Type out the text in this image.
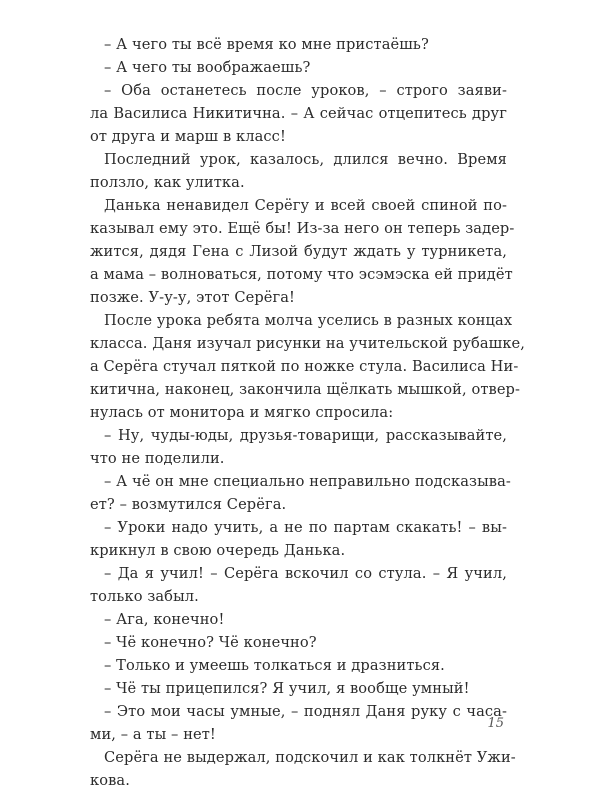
– А чего ты всё время ко мне пристаёшь?
– А чего ты воображаешь?
– Оба останетесь после уроков, – строго заяви-
ла Василиса Никитична. – А сейчас отцепитесь друг
от друга и марш в класс!
Последний урок, казалось, длился вечно. Время
ползло, как улитка.
Данька ненавидел Серёгу и всей своей спиной по-
казывал ему это. Ещё бы! Из-за него он теперь задер-
жится, дядя Гена с Лизой будут ждать у турникета,
а мама – волноваться, потому что эсэмэска ей придёт
позже. У-у-у, этот Серёга!
После урока ребята молча уселись в разных концах
класса. Даня изучал рисунки на учительской рубашке,
а Серёга стучал пяткой по ножке стула. Василиса Ни-
китична, наконец, закончила щёлкать мышкой, отвер-
нулась от монитора и мягко спросила:
– Ну, чуды-юды, друзья-товарищи, рассказывайте,
что не поделили.
– А чё он мне специально неправильно подсказыва-
ет? – возмутился Серёга.
– Уроки надо учить, а не по партам скакать! – вы-
крикнул в свою очередь Данька.
– Да я учил! – Серёга вскочил со стула. – Я учил,
только забыл.
– Ага, конечно!
– Чё конечно? Чё конечно?
– Только и умеешь толкаться и дразниться.
– Чё ты прицепился? Я учил, я вообще умный!
– Это мои часы умные, – поднял Даня руку с часа-
ми, – а ты – нет!
Серёга не выдержал, подскочил и как толкнёт Ужи-
кова.
15
